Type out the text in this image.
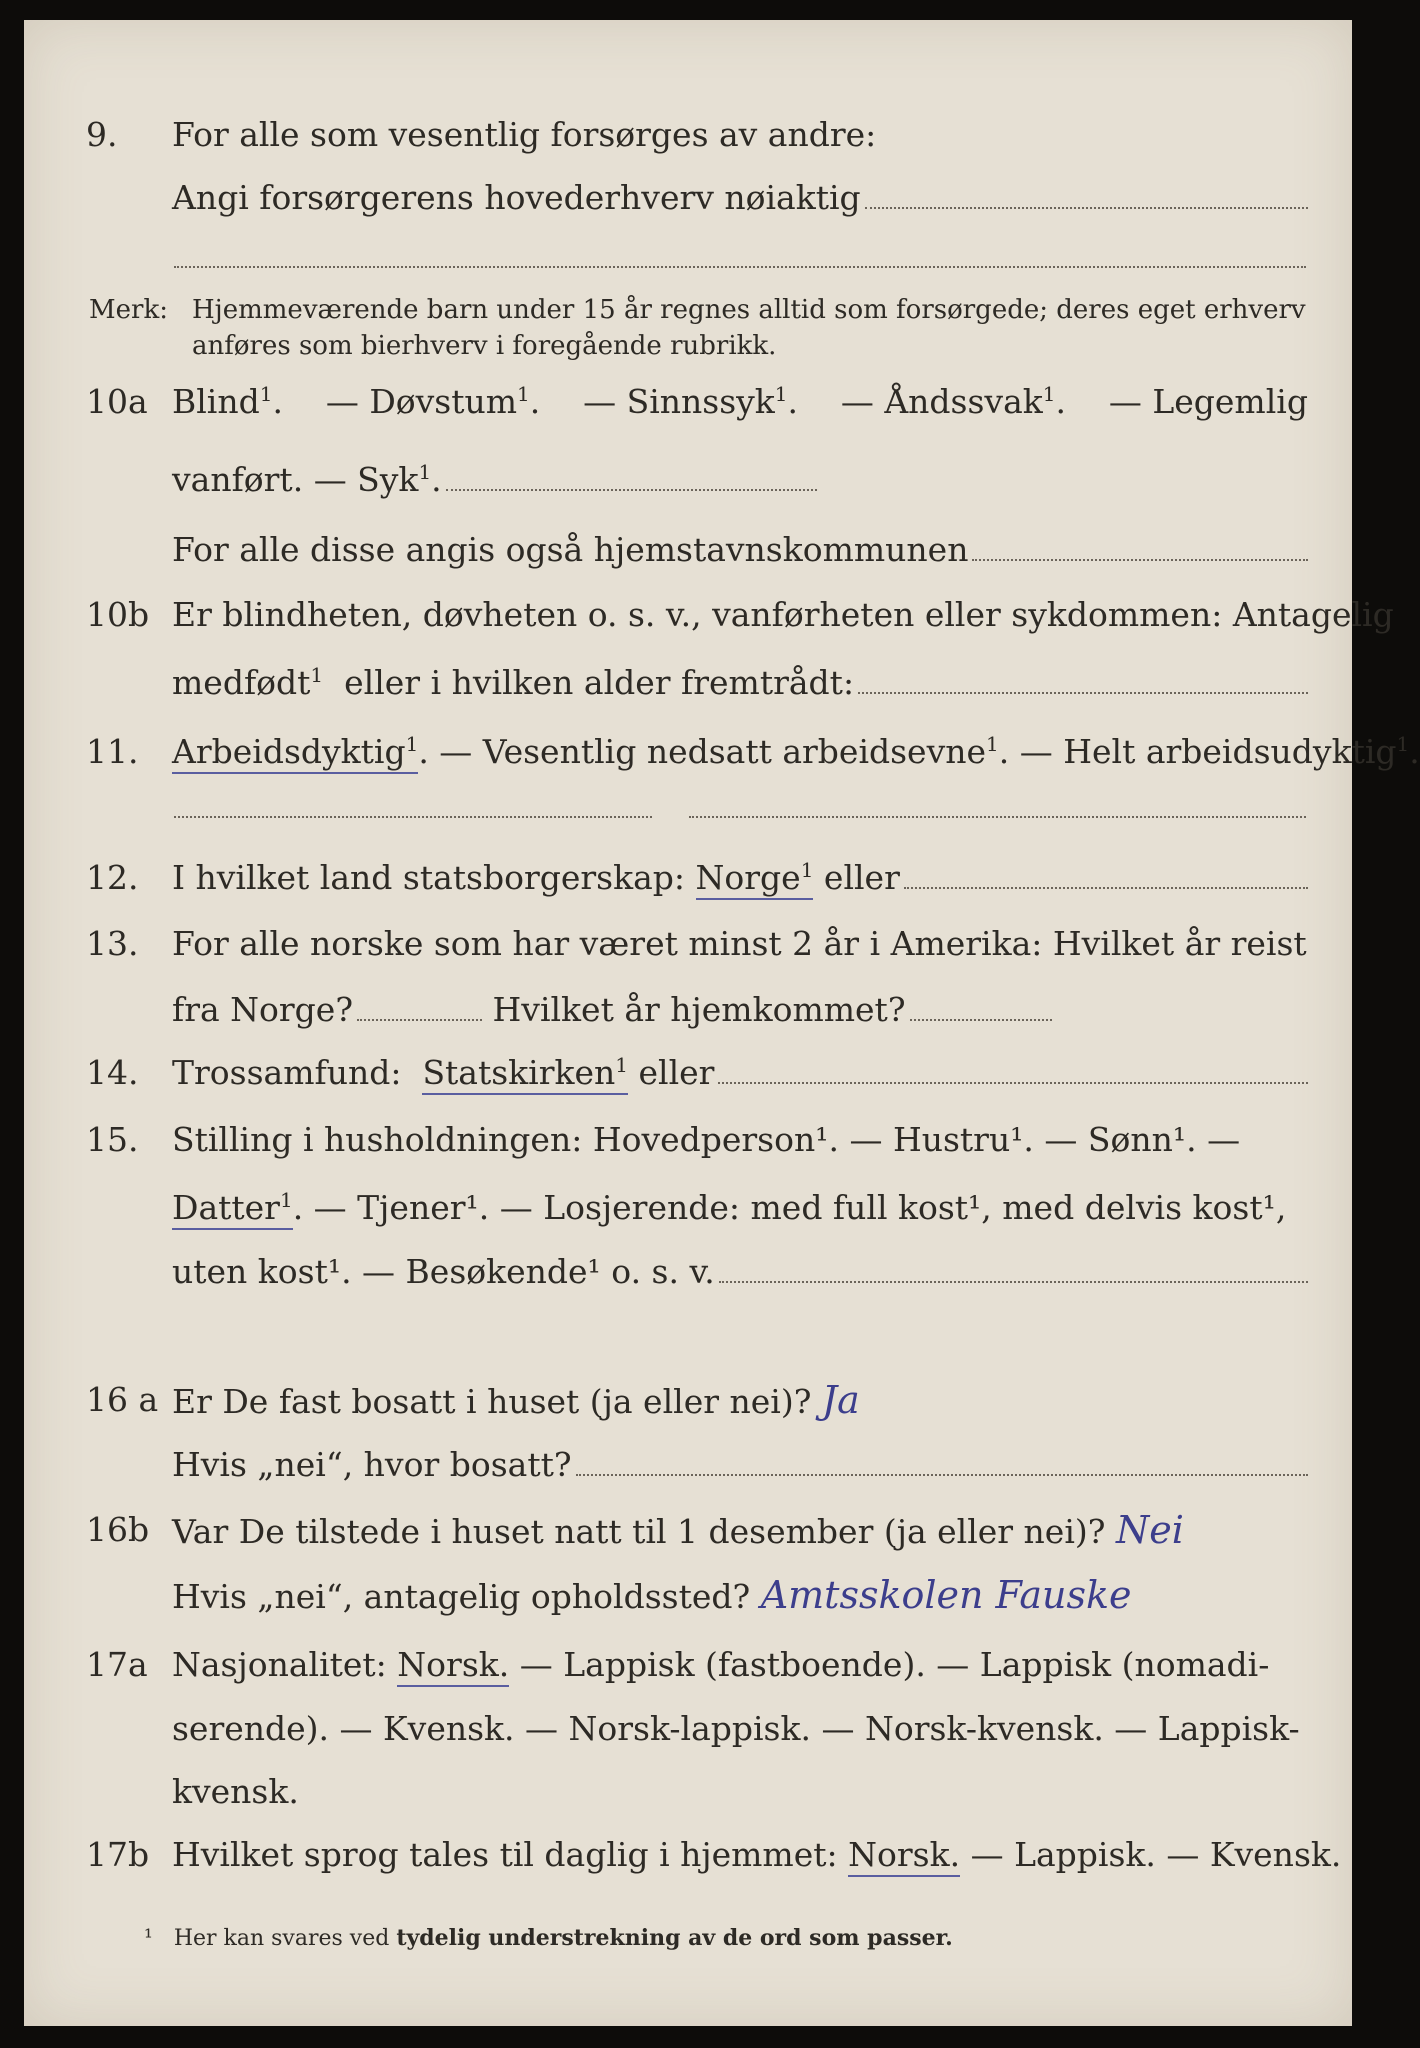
9. For alle som vesentlig forsørges av andre:
Angi forsørgerens hovederhverv nøiaktig
Merk: Hjemmeværende barn under 15 år regnes alltid som forsørgede; deres eget erhverv anføres som bierhverv i foregående rubrikk.
10a Blind$^1$. — Døvstum$^1$. — Sinnssyk$^1$. — Åndssvak$^1$. — Legemlig
vanført.
— Syk$^1$.
For alle disse angis også hjemstavnskommunen
10b Er blindheten, døvheten o. s. v., vanførheten eller sykdommen: Antagelig
medfødt$^1$
eller i hvilken alder fremtrådt:
11. Arbeidsdyktig$^1$ . — Vesentlig nedsatt arbeidsevne$^1$ . — Helt arbeidsudyktig$^1$.
12. I hvilket land statsborgerskap:
Norge$^1$
eller
13. For alle norske som har været minst 2 år i Amerika: Hvilket år reist
fra Norge?
	Hvilket år hjemkommet?
14. Trossamfund:
Statskirken$^1$
eller
15. Stilling i husholdningen: Hovedperson¹. — Hustru¹. — Sønn¹. —
Datter$^1$ . — Tjener¹. — Losjerende: med full kost¹, med delvis kost¹,
uten kost¹. — Besøkende¹ o. s. v.
16 a Er De fast bosatt i huset (ja eller nei)?
Ja
Hvis „nei“, hvor bosatt?
16b Var De tilstede i huset natt til 1 desember (ja eller nei)?
Nei
Hvis „nei“, antagelig opholdssted?
Amtsskolen Fauske
17a Nasjonalitet:
Norsk.
— Lappisk (fastboende). — Lappisk (nomadi-
serende). — Kvensk. — Norsk-lappisk. — Norsk-kvensk. — Lappisk-
kvensk.
17b Hvilket sprog tales til daglig i hjemmet:
Norsk.
— Lappisk. — Kvensk.
¹ Her kan svares ved tydelig understrekning av de ord som passer.
